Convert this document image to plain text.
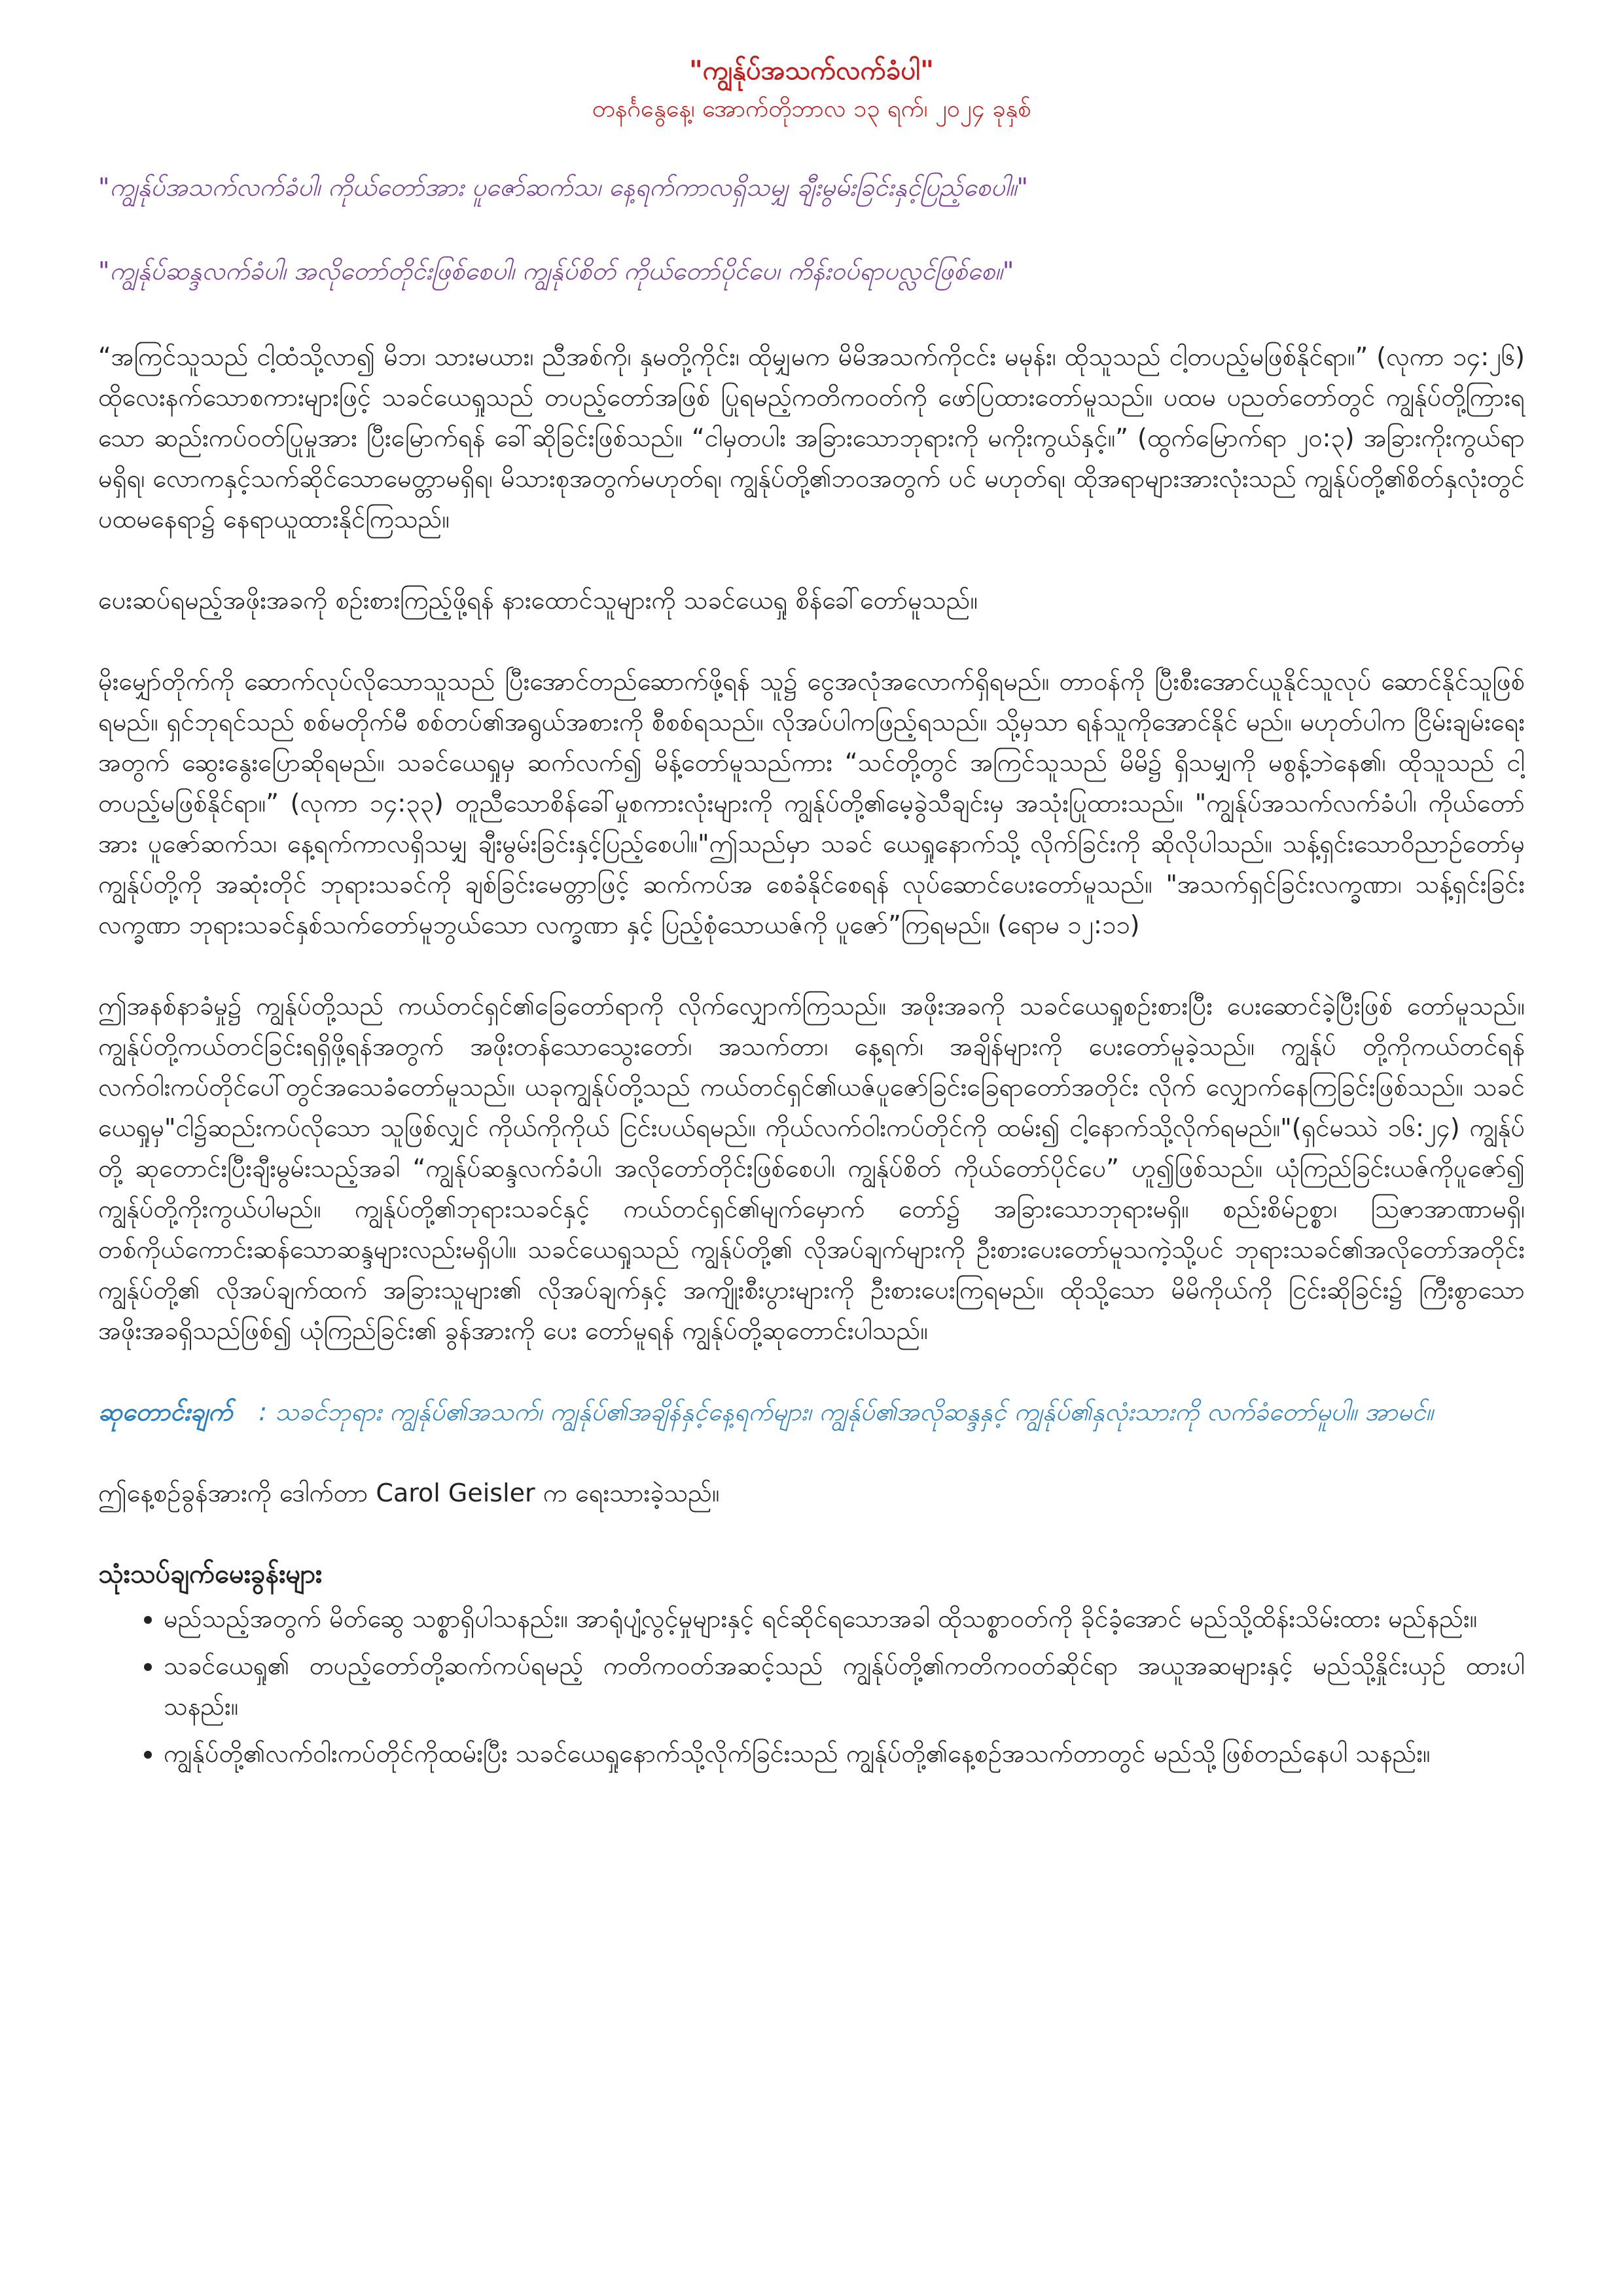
"ကျွန်ုပ်အသက်လက်ခံပါ"
တနင်္ဂနွေနေ့၊ အောက်တိုဘာလ ၁၃ ရက်၊ ၂၀၂၄ ခုနှစ်

"ကျွန်ုပ်အသက်လက်ခံပါ၊ ကိုယ်တော်အား ပူဇော်ဆက်သ၊ နေ့ရက်ကာလရှိသမျှ ချီးမွမ်းခြင်းနှင့်ပြည့်စေပါ။"

"ကျွန်ုပ်ဆန္ဒလက်ခံပါ၊ အလိုတော်တိုင်းဖြစ်စေပါ၊ ကျွန်ုပ်စိတ် ကိုယ်တော်ပိုင်ပေ၊ ကိန်းဝပ်ရာပလ္လင်ဖြစ်စေ။"

“အကြင်သူသည် ငါ့ထံသို့လာ၍ မိဘ၊ သားမယား၊ ညီအစ်ကို၊ နှမတို့ကိုင်း၊ ထိုမျှမက မိမိအသက်ကိုငင်း မမုန်း၊ ထိုသူသည် ငါ့တပည့်မဖြစ်နိုင်ရာ။” (လုကာ ၁၄:၂၆) ထိုလေးနက်သောစကားများဖြင့် သခင်ယေရှုသည် တပည့်တော်အဖြစ် ပြုရမည့်ကတိကဝတ်ကို ဖော်ပြထားတော်မူသည်။ ပထမ ပညတ်တော်တွင် ကျွန်ုပ်တို့ကြားရသော ဆည်းကပ်ဝတ်ပြုမှုအား ပြီးမြောက်ရန် ခေါ်ဆိုခြင်းဖြစ်သည်။ “ငါမှတပါး အခြားသောဘုရားကို မကိုးကွယ်နှင့်။” (ထွက်မြောက်ရာ ၂၀:၃) အခြားကိုးကွယ်ရာမရှိရ၊ လောကနှင့်သက်ဆိုင်သောမေတ္တာမရှိရ၊ မိသားစုအတွက်မဟုတ်ရ၊ ကျွန်ုပ်တို့၏ဘဝအတွက် ပင် မဟုတ်ရ၊ ထိုအရာများအားလုံးသည် ကျွန်ုပ်တို့၏စိတ်နှလုံးတွင် ပထမနေရာ၌ နေရာယူထားနိုင်ကြသည်။

ပေးဆပ်ရမည့်အဖိုးအခကို စဉ်းစားကြည့်ဖို့ရန် နားထောင်သူများကို သခင်ယေရှု စိန်ခေါ်တော်မူသည်။

မိုးမျှော်တိုက်ကို ဆောက်လုပ်လိုသောသူသည် ပြီးအောင်တည်ဆောက်ဖို့ရန် သူ၌ ငွေအလုံအလောက်ရှိရမည်။ တာဝန်ကို ပြီးစီးအောင်ယူနိုင်သူလုပ် ဆောင်နိုင်သူဖြစ်ရမည်။ ရှင်ဘုရင်သည် စစ်မတိုက်မီ စစ်တပ်၏အရွယ်အစားကို စီစစ်ရသည်။ လိုအပ်ပါကဖြည့်ရသည်။ သို့မှသာ ရန်သူကိုအောင်နိုင် မည်။ မဟုတ်ပါက ငြိမ်းချမ်းရေးအတွက် ဆွေးနွေးပြောဆိုရမည်။ သခင်ယေရှုမှ ဆက်လက်၍ မိန့်တော်မူသည်ကား “သင်တို့တွင် အကြင်သူသည် မိမိ၌ ရှိသမျှကို မစွန့်ဘဲနေ၏၊ ထိုသူသည် ငါ့တပည့်မဖြစ်နိုင်ရာ။” (လုကာ ၁၄:၃၃) တူညီသောစိန်ခေါ်မှုစကားလုံးများကို ကျွန်ုပ်တို့၏မေ့ခွဲသီချင်းမှ အသုံးပြုထားသည်။ "ကျွန်ုပ်အသက်လက်ခံပါ၊ ကိုယ်တော်အား ပူဇော်ဆက်သ၊ နေ့ရက်ကာလရှိသမျှ ချီးမွမ်းခြင်းနှင့်ပြည့်စေပါ။"ဤသည်မှာ သခင် ယေရှုနောက်သို့ လိုက်ခြင်းကို ဆိုလိုပါသည်။ သန့်ရှင်းသောဝိညာဉ်တော်မှကျွန်ုပ်တို့ကို အဆုံးတိုင် ဘုရားသခင်ကို ချစ်ခြင်းမေတ္တာဖြင့် ဆက်ကပ်အ စေခံနိုင်စေရန် လုပ်ဆောင်ပေးတော်မူသည်။ "အသက်ရှင်ခြင်းလက္ခဏာ၊ သန့်ရှင်းခြင်းလက္ခဏာ ဘုရားသခင်နှစ်သက်တော်မူဘွယ်သော လက္ခဏာ နှင့် ပြည့်စုံသောယဇ်ကို ပူဇော်”ကြရမည်။ (ရောမ ၁၂:၁၁)

ဤအနစ်နာခံမှု၌ ကျွန်ုပ်တို့သည် ကယ်တင်ရှင်၏ခြေတော်ရာကို လိုက်လျှောက်ကြသည်။ အဖိုးအခကို သခင်ယေရှုစဉ်းစားပြီး ပေးဆောင်ခဲ့ပြီးဖြစ် တော်မူသည်။ ကျွန်ုပ်တို့ကယ်တင်ခြင်းရရှိဖို့ရန်အတွက် အဖိုးတန်သောသွေးတော်၊ အသက်တာ၊ နေ့ရက်၊ အချိန်များကို ပေးတော်မူခဲ့သည်။ ကျွန်ုပ် တို့ကိုကယ်တင်ရန် လက်ဝါးကပ်တိုင်ပေါ်တွင်အသေခံတော်မူသည်။ ယခုကျွန်ုပ်တို့သည် ကယ်တင်ရှင်၏ယဇ်ပူဇော်ခြင်းခြေရာတော်အတိုင်း လိုက် လျှောက်နေကြခြင်းဖြစ်သည်။ သခင်ယေရှုမှ"ငါ၌ဆည်းကပ်လိုသော သူဖြစ်လျှင် ကိုယ်ကိုကိုယ် ငြင်းပယ်ရမည်။ ကိုယ်လက်ဝါးကပ်တိုင်ကို ထမ်း၍ ငါ့နောက်သို့လိုက်ရမည်။"(ရှင်မဿဲ ၁၆:၂၄) ကျွန်ုပ်တို့ ဆုတောင်းပြီးချီးမွမ်းသည့်အခါ “ကျွန်ုပ်ဆန္ဒလက်ခံပါ၊ အလိုတော်တိုင်းဖြစ်စေပါ၊ ကျွန်ုပ်စိတ် ကိုယ်တော်ပိုင်ပေ” ဟူ၍ဖြစ်သည်။ ယုံကြည်ခြင်းယဇ်ကိုပူဇော်၍ ကျွန်ုပ်တို့ကိုးကွယ်ပါမည်။ ကျွန်ုပ်တို့၏ဘုရားသခင်နှင့် ကယ်တင်ရှင်၏မျက်မှောက် တော်၌ အခြားသောဘုရားမရှိ။ စည်းစိမ်ဥစ္စာ၊ ဩဇာအာဏာမရှိ၊ တစ်ကိုယ်ကောင်းဆန်သောဆန္ဒများလည်းမရှိပါ။ သခင်ယေရှုသည် ကျွန်ုပ်တို့၏ လိုအပ်ချက်များကို ဦးစားပေးတော်မူသကဲ့သို့ပင် ဘုရားသခင်၏အလိုတော်အတိုင်း ကျွန်ုပ်တို့၏ လိုအပ်ချက်ထက် အခြားသူများ၏ လိုအပ်ချက်နှင့် အကျိုးစီးပွားများကို ဦးစားပေးကြရမည်။ ထိုသို့သော မိမိကိုယ်ကို ငြင်းဆိုခြင်း၌ ကြီးစွာသောအဖိုးအခရှိသည်ဖြစ်၍ ယုံကြည်ခြင်း၏ ခွန်အားကို ပေး တော်မူရန် ကျွန်ုပ်တို့ဆုတောင်းပါသည်။

ဆုတောင်းချက် : သခင်ဘုရား ကျွန်ုပ်၏အသက်၊ ကျွန်ုပ်၏အချိန်နှင့်နေ့ရက်များ၊ ကျွန်ုပ်၏အလိုဆန္ဒနှင့် ကျွန်ုပ်၏နှလုံးသားကို လက်ခံတော်မူပါ။ အာမင်။

ဤနေ့စဉ်ခွန်အားကို ဒေါက်တာ Carol Geisler က ရေးသားခဲ့သည်။

သုံးသပ်ချက်မေးခွန်းများ
• မည်သည့်အတွက် မိတ်ဆွေ သစ္စာရှိပါသနည်း။ အာရုံပျံ့လွင့်မှုများနှင့် ရင်ဆိုင်ရသောအခါ ထိုသစ္စာဝတ်ကို ခိုင်ခံ့အောင် မည်သို့ထိန်းသိမ်းထား မည်နည်း။
• သခင်ယေရှု၏ တပည့်တော်တို့ဆက်ကပ်ရမည့် ကတိကဝတ်အဆင့်သည် ကျွန်ုပ်တို့၏ကတိကဝတ်ဆိုင်ရာ အယူအဆများနှင့် မည်သို့နှိုင်းယှဉ် ထားပါသနည်း။
• ကျွန်ုပ်တို့၏လက်ဝါးကပ်တိုင်ကိုထမ်းပြီး သခင်ယေရှုနောက်သို့လိုက်ခြင်းသည် ကျွန်ုပ်တို့၏နေ့စဉ်အသက်တာတွင် မည်သို့ဖြစ်တည်နေပါ သနည်း။
